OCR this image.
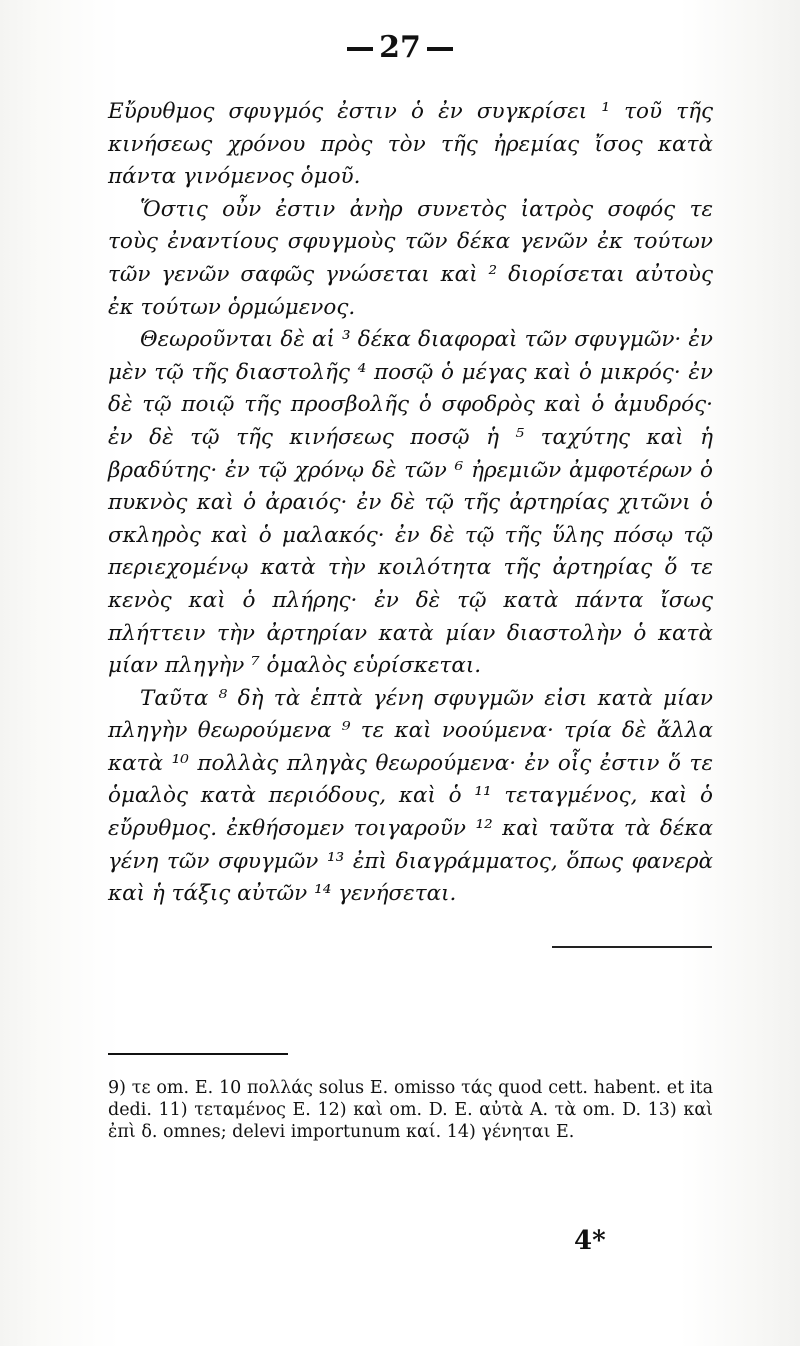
27

Εὔρυθμος σφυγμός ἐστιν ὁ ἐν συγκρίσει ¹ τοῦ τῆς κινήσεως χρόνου πρὸς τὸν τῆς ἠρεμίας ἴσος κατὰ πάντα γινόμενος ὁμοῦ.

Ὅστις οὖν ἐστιν ἀνὴρ συνετὸς ἰατρὸς σοφός τε τοὺς ἐναντίους σφυγμοὺς τῶν δέκα γενῶν ἐκ τούτων τῶν γενῶν σαφῶς γνώσεται καὶ ² διορίσεται αὐτοὺς ἐκ τούτων ὁρμώμενος.

Θεωροῦνται δὲ αἱ ³ δέκα διαφοραὶ τῶν σφυγμῶν· ἐν μὲν τῷ τῆς διαστολῆς ⁴ ποσῷ ὁ μέγας καὶ ὁ μικρός· ἐν δὲ τῷ ποιῷ τῆς προσβολῆς ὁ σφοδρὸς καὶ ὁ ἀμυδρός· ἐν δὲ τῷ τῆς κινήσεως ποσῷ ἡ ⁵ ταχύτης καὶ ἡ βραδύτης· ἐν τῷ χρόνῳ δὲ τῶν ⁶ ἠρεμιῶν ἀμφοτέρων ὁ πυκνὸς καὶ ὁ ἀραιός· ἐν δὲ τῷ τῆς ἀρτηρίας χιτῶνι ὁ σκληρὸς καὶ ὁ μαλακός· ἐν δὲ τῷ τῆς ὕλης πόσῳ τῷ περιεχομένῳ κατὰ τὴν κοιλότητα τῆς ἀρτηρίας ὅ τε κενὸς καὶ ὁ πλήρης· ἐν δὲ τῷ κατὰ πάντα ἴσως πλήττειν τὴν ἀρτηρίαν κατὰ μίαν διαστολὴν ὁ κατὰ μίαν πληγὴν ⁷ ὁμαλὸς εὑρίσκεται.

Ταῦτα ⁸ δὴ τὰ ἑπτὰ γένη σφυγμῶν εἰσι κατὰ μίαν πληγὴν θεωρούμενα ⁹ τε καὶ νοούμενα· τρία δὲ ἄλλα κατὰ ¹⁰ πολλὰς πληγὰς θεωρούμενα· ἐν οἷς ἐστιν ὅ τε ὁμαλὸς κατὰ περιόδους, καὶ ὁ ¹¹ τεταγμένος, καὶ ὁ εὔρυθμος. ἐκθήσομεν τοιγαροῦν ¹² καὶ ταῦτα τὰ δέκα γένη τῶν σφυγμῶν ¹³ ἐπὶ διαγράμματος, ὅπως φανερὰ καὶ ἡ τάξις αὐτῶν ¹⁴ γενήσεται.

9) τε om. E. 10 πολλάς solus E. omisso τάς quod cett. habent. et ita dedi. 11) τεταμένος E. 12) καὶ om. D. E. αὐτὰ A. τὰ om. D. 13) καὶ ἐπὶ δ. omnes; delevi importunum καί. 14) γένηται E.

4*
